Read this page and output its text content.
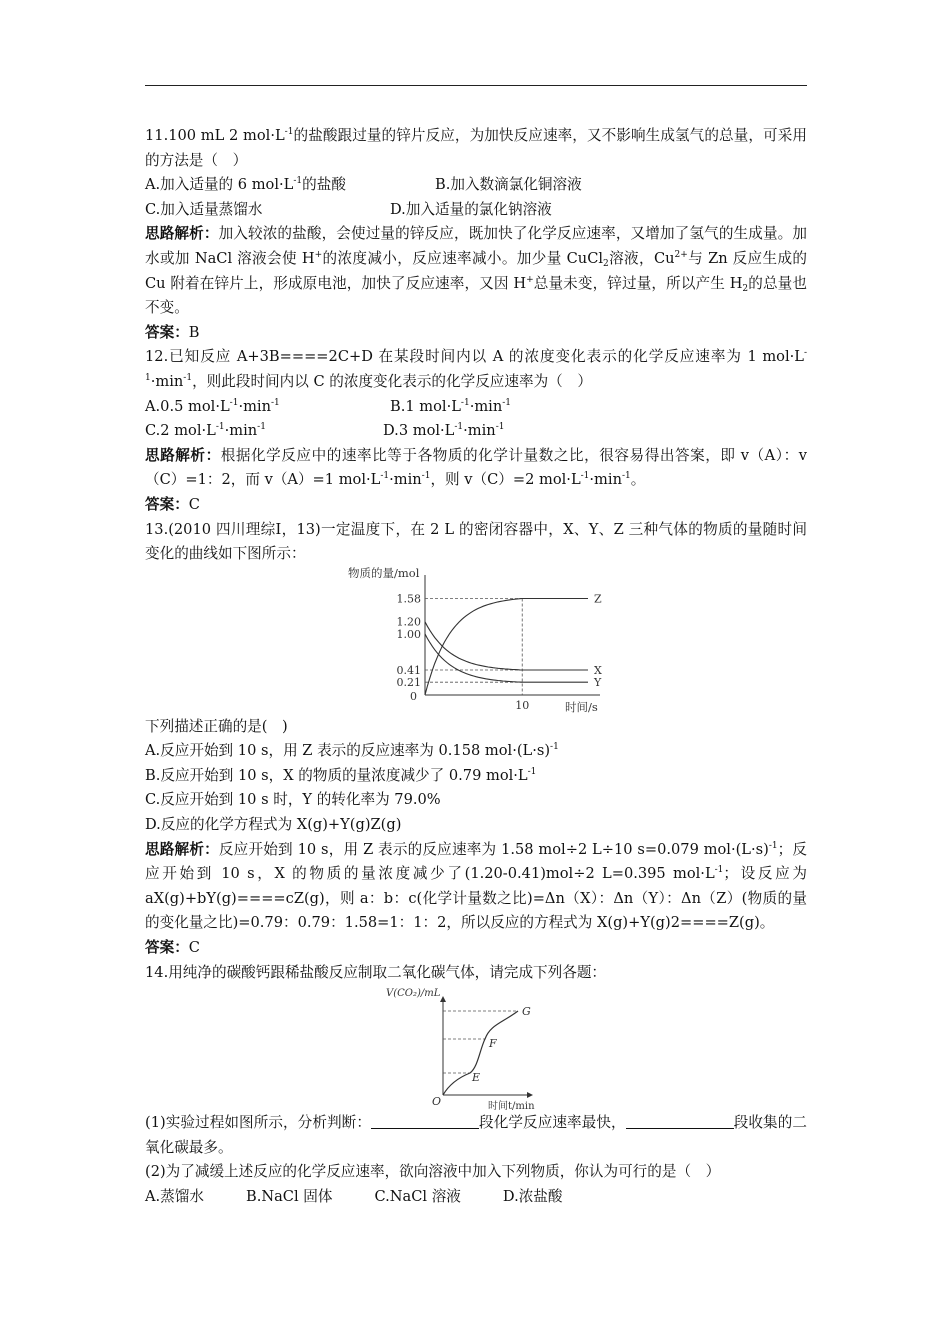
11.100 mL 2 $mol\cdot L^{-1}$的盐酸跟过量的锌片反应，为加快反应速率，又不影响生成氢气的总量，可采用的方法是（　）

A.加入适量的 6 $mol\cdot L^{-1}$的盐酸	B.加入数滴氯化铜溶液

C.加入适量蒸馏水	D.加入适量的氯化钠溶液

思路解析：加入较浓的盐酸，会使过量的锌反应，既加快了化学反应速率，又增加了氢气的生成量。加水或加 NaCl 溶液会使 H+的浓度减小，反应速率减小。加少量 CuCl$_2$溶液，$Cu^{2+}$与 Zn 反应生成的 Cu 附着在锌片上，形成原电池，加快了反应速率，又因 H+总量未变，锌过量，所以产生 $H_2$的总量也不变。

答案：B

12.已知反应 A+3B====2C+D 在某段时间内以 A 的浓度变化表示的化学反应速率为 1 $mol\cdot L^{-1}\cdot\min^{-1}$，则此段时间内以 C 的浓度变化表示的化学反应速率为（　）

A.0.5 $mol\cdot L^{-1}\cdot\min^{-1}$	B.1 $mol\cdot L^{-1}\cdot\min^{-1}$

C.2 $mol\cdot L^{-1}\cdot\min^{-1}$	D.3 $mol\cdot L^{-1}\cdot\min^{-1}$

思路解析：根据化学反应中的速率比等于各物质的化学计量数之比，很容易得出答案，即 v（A）：v（C）=1：2，而 v（A）=1 $mol\cdot L^{-1}\cdot\min^{-1}$，则 v（C）=2 $mol\cdot L^{-1}\cdot\min^{-1}$。

答案：C

13.(2010 四川理综Ⅰ，13)一定温度下，在 2 L 的密闭容器中，X、Y、Z 三种气体的物质的量随时间变化的曲线如下图所示：

物质的量/mol
Z
X
Y
1.58
1.20
1.00
0.41
0.21
0
10	时间/s

下列描述正确的是(　)

A.反应开始到 10 s，用 Z 表示的反应速率为 0.158 $mol\cdot(L\cdot s)^{-1}$

B.反应开始到 10 s，X 的物质的量浓度减少了 0.79 $mol\cdot L^{-1}$

C.反应开始到 10 s 时，Y 的转化率为 79.0%

D.反应的化学方程式为 X(g)+Y(g)Z(g)

思路解析：反应开始到 10 s，用 Z 表示的反应速率为 1.58 mol÷2 L÷10 s=0.079 $mol\cdot(L\cdot s)^{-1}$；反应开始到 10 s，X 的物质的量浓度减少了(1.20-0.41)mol÷2 L=0.395 $mol\cdot L^{-1}$；设反应为 aX(g)+bY(g)====cZ(g)，则 a：b：c(化学计量数之比)=Δn（X）：Δn（Y）：Δn（Z）(物质的量的变化量之比)=0.79：0.79：1.58=1：1：2，所以反应的方程式为 X(g)+Y(g)2====Z(g)。

答案：C

14.用纯净的碳酸钙跟稀盐酸反应制取二氧化碳气体，请完成下列各题：

V(CO₂)/mL
O
E
F
G
时间t/min

(1)实验过程如图所示，分析判断：	段化学反应速率最快，	段收集的二氧化碳最多。

(2)为了减缓上述反应的化学反应速率，欲向溶液中加入下列物质，你认为可行的是（　）

A.蒸馏水	B.NaCl 固体	C.NaCl 溶液	D.浓盐酸
